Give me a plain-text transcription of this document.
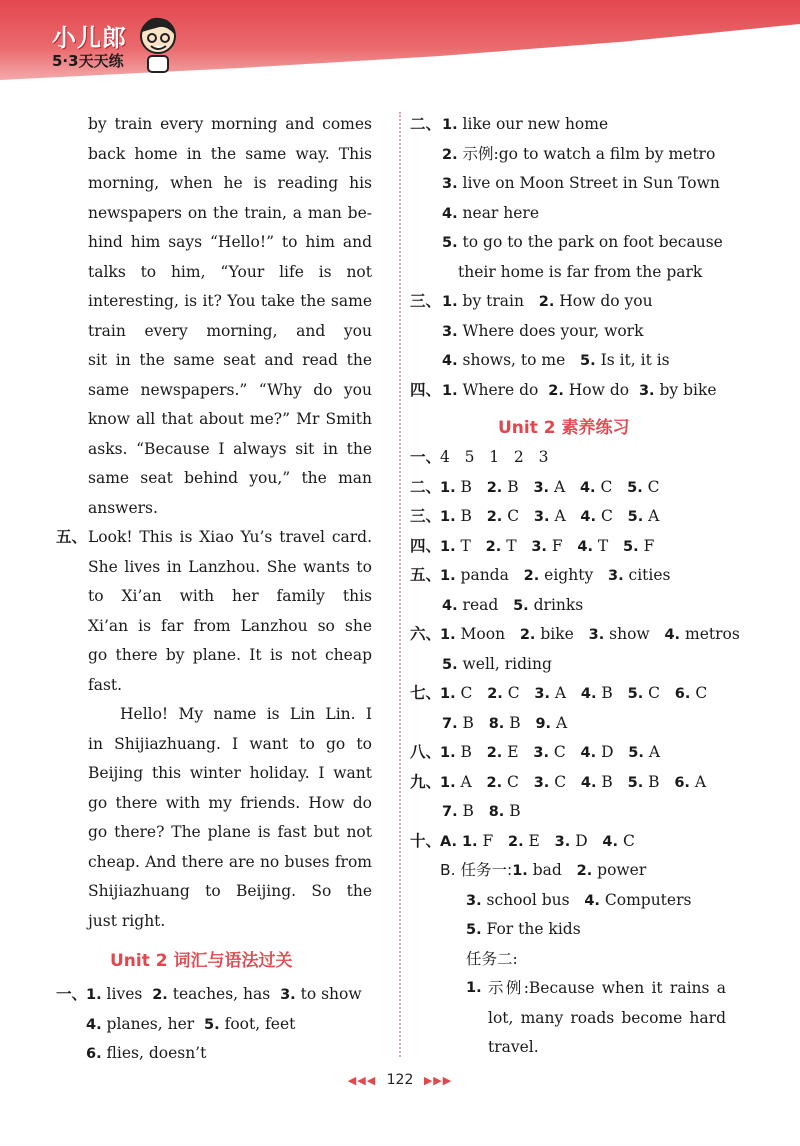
小儿郎
5·3天天练
by train every morning and comes
back home in the same way. This
morning, when he is reading his
newspapers on the train, a man be-
hind him says “Hello!” to him and
talks to him, “Your life is not
interesting, is it? You take the same
train every morning, and you
sit in the same seat and read the
same newspapers.” “Why do you
know all that about me?” Mr Smith
asks. “Because I always sit in the
same seat behind you,” the man
answers.
五、 Look! This is Xiao Yu’s travel card.
She lives in Lanzhou. She wants to
to Xi’an with her family this
Xi’an is far from Lanzhou so she
go there by plane. It is not cheap
fast.
Hello! My name is Lin Lin. I
in Shijiazhuang. I want to go to
Beijing this winter holiday. I want
go there with my friends. How do
go there? The plane is fast but not
cheap. And there are no buses from
Shijiazhuang to Beijing. So the
just right.
Unit 2 词汇与语法过关
一、
1. lives  2. teaches, has  3. to show
4. planes, her  5. foot, feet
6. flies, doesn’t
二、 1. like our new home
2. 示例:go to watch a film by metro
3. live on Moon Street in Sun Town
4. near here
5. to go to the park on foot because
their home is far from the park
三、 1. by train   2. How do you
3. Where does your, work
4. shows, to me   5. Is it, it is
四、 1. Where do  2. How do  3. by bike
Unit 2 素养练习
一、
4   5   1   2   3
二、
1. B   2. B   3. A   4. C   5. C
三、
1. B   2. C   3. A   4. C   5. A
四、
1. T   2. T   3. F   4. T   5. F
五、
1. panda   2. eighty   3. cities
4. read   5. drinks
六、
1. Moon   2. bike   3. show   4. metros
5. well, riding
七、
1. C   2. C   3. A   4. B   5. C   6. C
7. B   8. B   9. A
八、
1. B   2. E   3. C   4. D   5. A
九、
1. A   2. C   3. C   4. B   5. B   6. A
7. B   8. B
十、
A. 1. F   2. E   3. D   4. C
B. 任务一:1. bad   2. power
3. school bus   4. Computers
5. For the kids
任务二:
1. 示例:Because when it rains a
lot, many roads become hard
travel.
◀◀◀ 122 ▶▶▶
